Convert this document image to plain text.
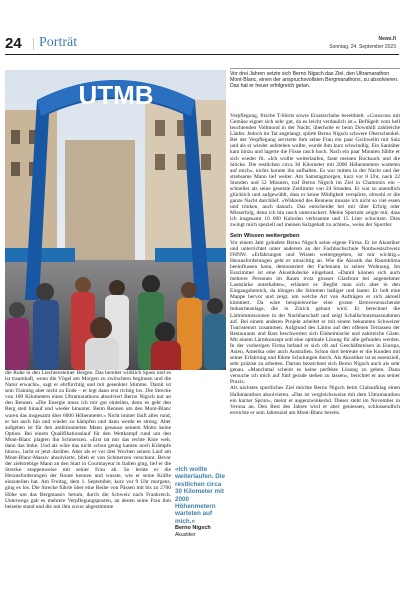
24 Porträt	News.fi
Sonntag, 24. September 2023
UTMB
Vor drei Jahren setzte sich Berno Nigsch das Ziel, den Ultramarathon Mont-Blanc, einen der anspruchsvollsten Bergmarathons, zu absolvieren. Das hat er heuer erfolgreich getan.

die Ruhe in den Liechtensteiner Bergen. Das bereitet wirklich Spass und es ist traumhaft, wenn die Vögel am Morgen zu zwitschern beginnen und die Natur erwacht», sagt er ehrfürchtig und mit gesenkter Stimme. Damit ist sein Training aber nicht zu Ende – er legt dann erst richtig los. Die Strecke von 100 Kilometern eines Ultramarathons absolviert Berno Nigsch nur an den Rennen. «Die Energie muss ich mir gut einteilen, denn es geht den Berg steil hinauf und wieder hinunter. Beim Rennen um den Mont-Blanc waren das insgesamt über 6000 Höhenmeter.» Nicht immer läuft alles rund, er hat auch hin und wieder zu kämpfen und dann werde es streng. Aber aufgeben ist für den ambitionierten Mann genauso seinem Motto keine Option. Bei einem Qualifikationslauf für den Wettkampf rund um den Mont-Blanc plagten ihn Schmerzen. «Erst tat mir das rechte Knie weh, dann das linke. Und als wäre das nicht schon genug kamen noch Krämpfe hinzu», lacht er jetzt darüber. Aber als er vor drei Wochen seinen Lauf am Mont-Blanc-Massiv absolvierte, blieb er von Schmerzen verschont. Bevor der zielstrebige Mann an den Start in Courmayeur in Italien ging, lief er die Strecke etappenweise mit seiner Frau ab. So lernte er die Herausforderungen der Route kennen und wusste, wie er seine Kräfte einzuteilen hat. Am Freitag, dem 1. September, kurz vor 9 Uhr morgens, ging es los. Die Strecke führte über eine Reihe von Pässen mit bis zu 2700 Höhe um das Bergmassiv herum, durch die Schweiz nach Frankreich. Unterwegs gab es mehrere Verpflegungsposten, an denen seine Frau ihm beiseite stand und die mit ihm zuvor abgestimmte

«Ich wollte weiterlaufen. Die restlichen circa 30 Kilometer mit 2000 Höhenmetern warteten auf mich.»
Berno Nigsch
Akustiker

Verpflegung, frische T-Shirts sowie Ersatzschuhe bereithielt. «Couscous mit Gemüse eignet sich sehr gut, da es leicht verdaulich ist.» Beflügelt vom hell leuchtenden Vollmond in der Nacht, überholte er beim Downhill zahlreiche Läufer. Jedoch im Tal angelangt, spürte Berno Nigsch schwere Oberschenkel. Bei der Verpflegung servierte ihm seine Frau ein paar Gschwellti mit Salz und als er wieder aufstehen wollte, wurde ihm kurz schwindlig. Ein Sanitäter kam hinzu und lagerte die Füsse rasch hoch. Nach ein paar Minuten fühlte er sich wieder fit. «Ich wollte weiterlaufen, faste meinen Rucksack und die Stöcke. Die restlichen circa 30 Kilometer mit 2000 Höhenmetern warteten auf mich», nichts konnte ihn aufhalten. Es war mitten in der Nacht und der strebsame Mann lief weiter. Am Samstagmorgen, kurz vor 8 Uhr, nach 22 Stunden und 52 Minuten, traf Berno Nigsch im Ziel in Chamonix ein – schneller als seine gesetzte Zeitlimite von 24 Stunden. Er war so unendlich glücklich und aufgewühlt, dass er keine Müdigkeit verspürte, obwohl er die ganze Nacht durchlief. «Während des Rennens musste ich nicht so viel essen und trinken, auch danach. Das entscheidet bei mir über Erfolg oder Misserfolg, denn ich bin rasch unterzuckert. Meine Sportuhr zeigte mir, dass ich insgesamt 10 000 Kalorien verbrannte und 15 Liter schwitzte. Dies zwingt mich speziell auf meinen Salzgehalt zu achten», weiss der Sportler.

Sein Wissen weitergeben

Vor einem Jahr gründete Berno Nigsch seine eigene Firma. Er ist Akustiker und unterrichtet unter anderem an der Fachhochschule Nordwestschweiz FHNW. «Erfahrungen und Wissen weitergegeben, ist mir wichtig.» Herausforderungen geht er umsichtig an. Wie die Akustik das Raumklima beeinflussen kann, demonstriert der Fachmann in seiner Wohnung. Im Esszimmer ist eine Akustikdecke eingebaut. «Damit können sich auch mehrere Personen im Raum trotz grosser Glasfront bei angenehmer Lautstärke unterhalten», erläutert er. Begibt man sich aber in den Eingangsbereich, da klingen die Stimmen halliger und lauter. Er holt eine Mappe hervor und zeigt, um welche Art von Aufträgen er sich aktuell kümmert. Da wäre beispielsweise eine grosse lärmverursachende Industrieanlage, die in Zürich gebaut wird. Er berechnet die Lärmimmissionen in der Nachbarschaft und zeigt Schallschutzmassnahmen auf. Bei einem anderen Projekt arbeitet er mit einem bekannten Schweizer Touristenort zusammen. Aufgrund des Lärms auf den offenen Terrassen der Restaurants und Bars beschwerten sich Einheimische und zahlreiche Gäste. Mit einem Lärmkonzept soll eine optimale Lösung für alle gefunden werden. In der vorherigen Firma befand er sich oft auf Geschäftsreisen in Europa, Asien, Amerika oder auch Australien. Schon dort betreute er die Kunden mit seiner Erfahrung und führte Schulungen durch. Als Akustiker ist es essenziell, sehr präzise zu arbeiten. Darum bezeichnet sich Berno Nigsch auch als sehr genau. «Manchmal scheint es keine perfekte Lösung zu geben. Dann versuche ich mich auf fünf gerade stehen zu lassen», berichtet er aus seiner Praxis.

Als nächstes sportliches Ziel möchte Berno Nigsch beim Clubaufklag einen Halbmarathon absolvieren. «Das ist vergleichsweise mit dem Ultramarathon ein kurzer Sprint», meint er augenzwinkernd. Dieser steht im November in Verona an. Den Rest des Jahres wird er aber geniessen, schlussendlich erreichte er sein Jahresziel am Mont-Blanc bereits.
